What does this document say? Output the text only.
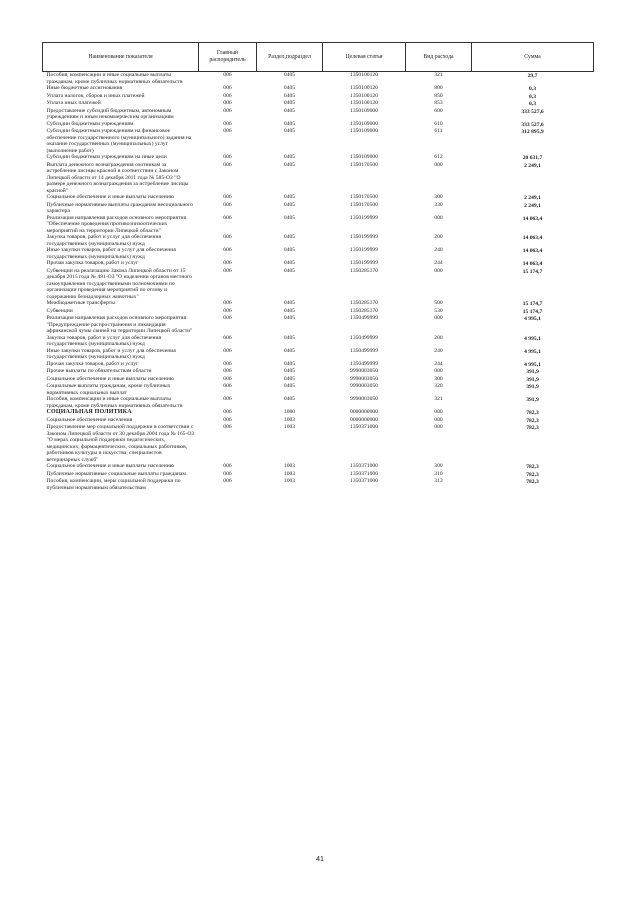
Наименование показателя	Главный распорядитель	Раздел,подраздел	Целевая статья	Вид расхода	Сумма
Пособия, компенсации и иные социальные выплаты гражданам, кроме публичных нормативных обязательств	006	0405	1350100120	321	29,7
Иные бюджетные ассигнования	006	0405	1350100120	800	0,3
Уплата налогов, сборов и иных платежей	006	0405	1350100120	850	0,3
Уплата иных платежей	006	0405	1350100120	853	0,3
Предоставление субсидий бюджетным, автономным учреждениям и иным некоммерческим организациям	006	0405	1350109000	600	333 527,6
Субсидии бюджетным учреждениям	006	0405	1350109000	610	333 527,6
Субсидии бюджетным учреждениям на финансовое обеспечение государственного (муниципального) задания на оказание государственных (муниципальных) услуг (выполнение работ)	006	0405	1350109000	611	312 895,9
Субсидии бюджетным учреждениям на иные цели	006	0405	1350109000	612	20 631,7
Выплата денежного вознаграждения охотникам за истребление лисицы красной в соответствии с Законом Липецкой области от 14 декабря 2011 года № 585-ОЗ "О размере денежного вознаграждения за истребление лисицы красной"	006	0405	1350170500	000	2 249,1
Социальное обеспечение и иные выплаты населению	006	0405	1350170500	300	2 249,1
Публичные нормативные выплаты гражданам несоциального характера	006	0405	1350170500	330	2 249,1
Реализация направления расходов основного мероприятия "Обеспечение проведения противоэпизоотических мероприятий на территории Липецкой области"	006	0405	1350199999	000	14 063,4
Закупка товаров, работ и услуг для обеспечения государственных (муниципальных) нужд	006	0405	1350199999	200	14 063,4
Иные закупки товаров, работ и услуг для обеспечения государственных (муниципальных) нужд	006	0405	1350199999	240	14 063,4
Прочая закупка товаров, работ и услуг	006	0405	1350199999	244	14 063,4
Субвенции на реализацию Закона Липецкой области от 15 декабря 2015 года № 481-ОЗ "О наделении органов местного самоуправления государственными полномочиями по организации проведения мероприятий по отлову и содержанию безнадзорных животных"	006	0405	1350285170	000	15 174,7
Межбюджетные трансферты	006	0405	1350285170	500	15 174,7
Субвенции	006	0405	1350285170	530	15 174,7
Реализация направления расходов основного мероприятия "Предупреждение распространения и ликвидация африканской чумы свиней на территории Липецкой области"	006	0405	1350499999	000	4 995,1
Закупка товаров, работ и услуг для обеспечения государственных (муниципальных) нужд	006	0405	1350499999	200	4 995,1
Иные закупки товаров, работ и услуг для обеспечения государственных (муниципальных) нужд	006	0405	1350499999	240	4 995,1
Прочая закупка товаров, работ и услуг	006	0405	1350499999	244	4 995,1
Прочие выплаты по обязательствам области	006	0405	9990003050	000	391,9
Социальное обеспечение и иные выплаты населению	006	0405	9990003050	300	391,9
Социальные выплаты гражданам, кроме публичных нормативных социальных выплат	006	0405	9990003050	320	391,9
Пособия, компенсации и иные социальные выплаты гражданам, кроме публичных нормативных обязательств	006	0405	9990003050	321	391,9
СОЦИАЛЬНАЯ ПОЛИТИКА	006	1000	0000000000	000	782,3
Социальное обеспечение населения	006	1003	0000000000	000	782,3
Предоставление мер социальной поддержки в соответствии с Законом Липецкой области от 30 декабря 2004 года № 165-ОЗ "О мерах социальной поддержки педагогических, медицинских, фармацевтических, социальных работников, работников культуры и искусства, специалистов ветеринарных служб"	006	1003	1350371000	000	782,3
Социальное обеспечение и иные выплаты населению	006	1003	1350371000	300	782,3
Публичные нормативные социальные выплаты гражданам	006	1003	1350371000	310	782,3
Пособия, компенсации, меры социальной поддержки по публичным нормативным обязательствам	006	1003	1350371000	313	782,3
41
